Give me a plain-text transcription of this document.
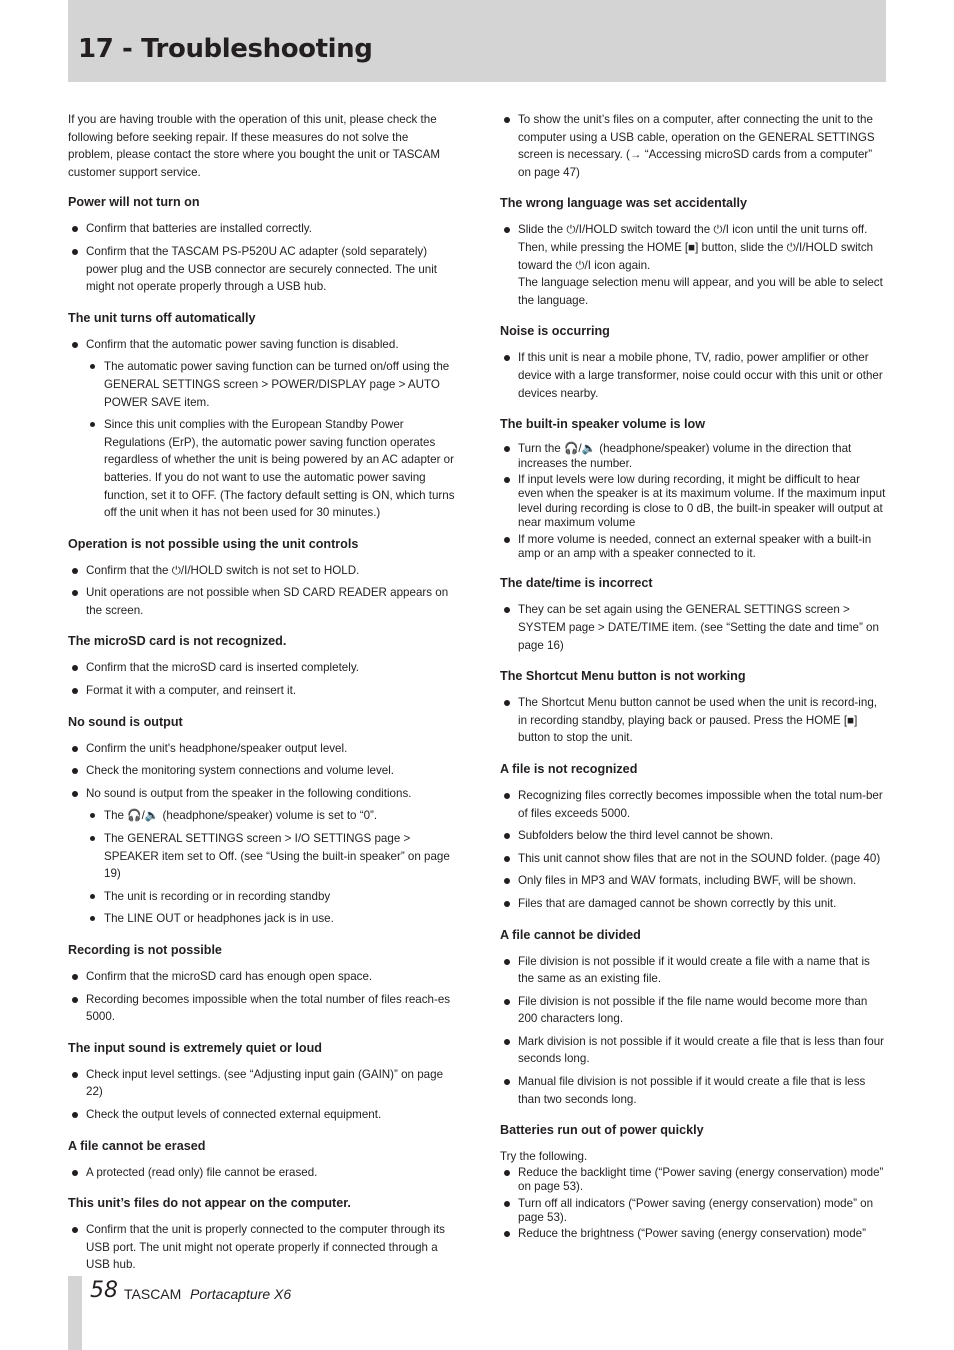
17 - Troubleshooting

If you are having trouble with the operation of this unit, please check the following before seeking repair. If these measures do not solve the problem, please contact the store where you bought the unit or TASCAM customer support service.

Power will not turn on
Confirm that batteries are installed correctly.
Confirm that the TASCAM PS-P520U AC adapter (sold separately) power plug and the USB connector are securely connected. The unit might not operate properly through a USB hub.
The unit turns off automatically
Confirm that the automatic power saving function is disabled.
The automatic power saving function can be turned on/off using the GENERAL SETTINGS screen > POWER/DISPLAY page > AUTO POWER SAVE item.
Since this unit complies with the European Standby Power Regulations (ErP), the automatic power saving function operates regardless of whether the unit is being powered by an AC adapter or batteries. If you do not want to use the automatic power saving function, set it to OFF. (The factory default setting is ON, which turns off the unit when it has not been used for 30 minutes.)
Operation is not possible using the unit controls
Confirm that the ⏻/I/HOLD switch is not set to HOLD.
Unit operations are not possible when SD CARD READER appears on the screen.
The microSD card is not recognized.
Confirm that the microSD card is inserted completely.
Format it with a computer, and reinsert it.
No sound is output
Confirm the unit's headphone/speaker output level.
Check the monitoring system connections and volume level.
No sound is output from the speaker in the following conditions.
The 🎧/🔈 (headphone/speaker) volume is set to “0”.
The GENERAL SETTINGS screen > I/O SETTINGS page > SPEAKER item set to Off. (see “Using the built-in speaker” on page 19)
The unit is recording or in recording standby
The LINE OUT or headphones jack is in use.
Recording is not possible
Confirm that the microSD card has enough open space.
Recording becomes impossible when the total number of files reach-es 5000.
The input sound is extremely quiet or loud
Check input level settings. (see “Adjusting input gain (GAIN)” on page 22)
Check the output levels of connected external equipment.
A file cannot be erased
A protected (read only) file cannot be erased.
This unit’s files do not appear on the computer.
Confirm that the unit is properly connected to the computer through its USB port. The unit might not operate properly if connected through a USB hub.
To show the unit’s files on a computer, after connecting the unit to the computer using a USB cable, operation on the GENERAL SETTINGS screen is necessary. (→ “Accessing microSD cards from a computer” on page 47)
The wrong language was set accidentally
Slide the ⏻/I/HOLD switch toward the ⏻/I icon until the unit turns off. Then, while pressing the HOME [■] button, slide the ⏻/I/HOLD switch toward the ⏻/I icon again.
The language selection menu will appear, and you will be able to select the language.
Noise is occurring
If this unit is near a mobile phone, TV, radio, power amplifier or other device with a large transformer, noise could occur with this unit or other devices nearby.
The built-in speaker volume is low
Turn the 🎧/🔈 (headphone/speaker) volume in the direction that increases the number.
If input levels were low during recording, it might be difficult to hear even when the speaker is at its maximum volume. If the maximum input level during recording is close to 0 dB, the built-in speaker will output at near maximum volume
If more volume is needed, connect an external speaker with a built-in amp or an amp with a speaker connected to it.
The date/time is incorrect
They can be set again using the GENERAL SETTINGS screen > SYSTEM page > DATE/TIME item. (see “Setting the date and time” on page 16)
The Shortcut Menu button is not working
The Shortcut Menu button cannot be used when the unit is record-ing, in recording standby, playing back or paused. Press the HOME [■] button to stop the unit.
A file is not recognized
Recognizing files correctly becomes impossible when the total num-ber of files exceeds 5000.
Subfolders below the third level cannot be shown.
This unit cannot show files that are not in the SOUND folder. (page 40)
Only files in MP3 and WAV formats, including BWF, will be shown.
Files that are damaged cannot be shown correctly by this unit.
A file cannot be divided
File division is not possible if it would create a file with a name that is the same as an existing file.
File division is not possible if the file name would become more than 200 characters long.
Mark division is not possible if it would create a file that is less than four seconds long.
Manual file division is not possible if it would create a file that is less than two seconds long.
Batteries run out of power quickly

Try the following.

Reduce the backlight time (“Power saving (energy conservation) mode” on page 53).
Turn off all indicators (“Power saving (energy conservation) mode” on page 53).
Reduce the brightness (“Power saving (energy conservation) mode”
58 TASCAM Portacapture X6
